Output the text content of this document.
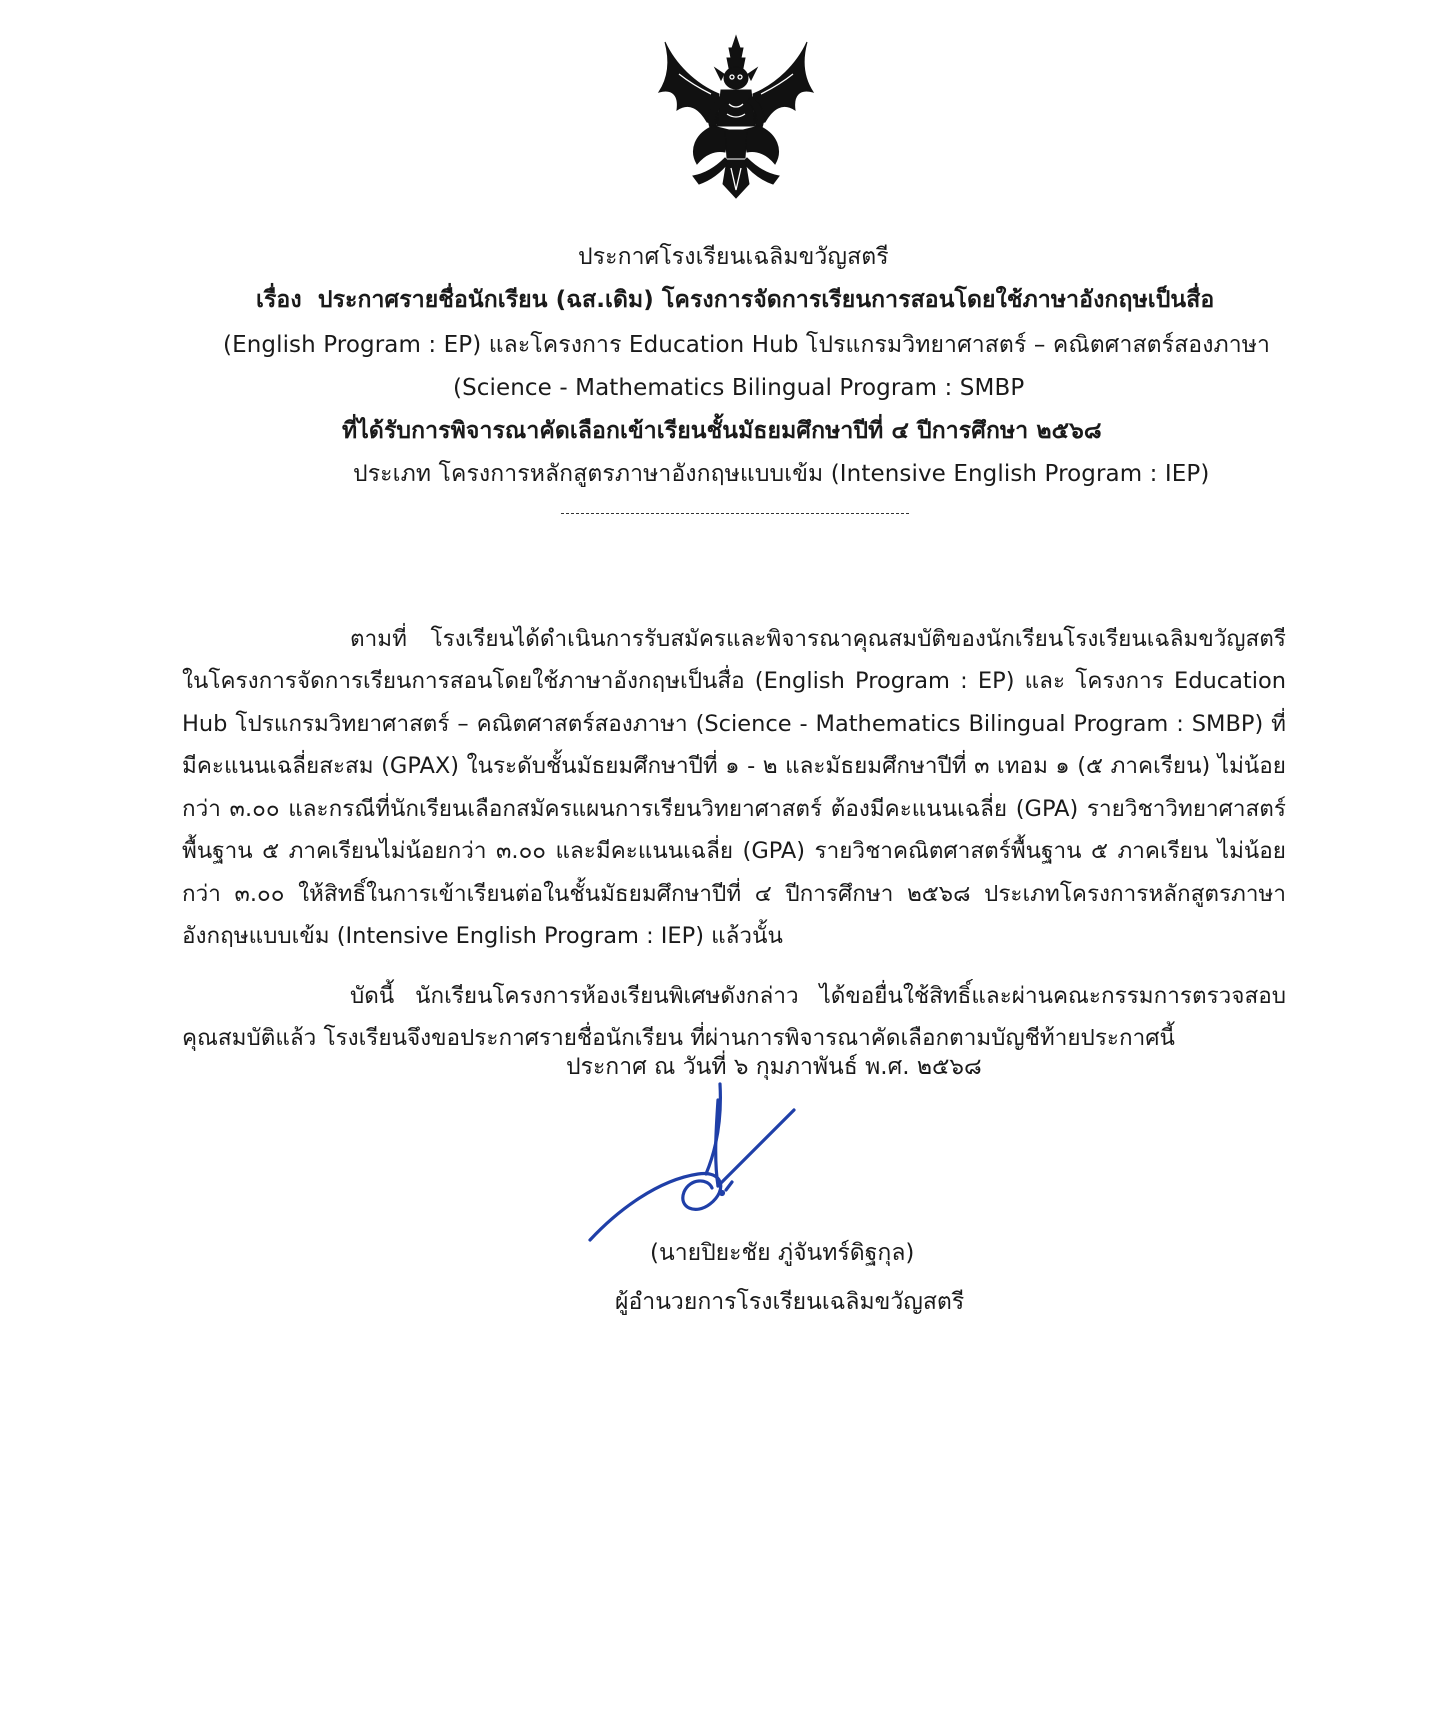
ประกาศโรงเรียนเฉลิมขวัญสตรี
เรื่อง ประกาศรายชื่อนักเรียน (ฉส.เดิม) โครงการจัดการเรียนการสอนโดยใช้ภาษาอังกฤษเป็นสื่อ
(English Program : EP) และโครงการ Education Hub โปรแกรมวิทยาศาสตร์ – คณิตศาสตร์สองภาษา
(Science - Mathematics Bilingual Program : SMBP
ที่ได้รับการพิจารณาคัดเลือกเข้าเรียนชั้นมัธยมศึกษาปีที่ ๔ ปีการศึกษา ๒๕๖๘
ประเภท โครงการหลักสูตรภาษาอังกฤษแบบเข้ม (Intensive English Program : IEP)

ตามที่ โรงเรียนได้ดำเนินการรับสมัครและพิจารณาคุณสมบัติของนักเรียนโรงเรียนเฉลิมขวัญสตรี ในโครงการจัดการเรียนการสอนโดยใช้ภาษาอังกฤษเป็นสื่อ (English Program : EP) และ โครงการ Education Hub โปรแกรมวิทยาศาสตร์ – คณิตศาสตร์สองภาษา (Science - Mathematics Bilingual Program : SMBP) ที่มีคะแนนเฉลี่ยสะสม (GPAX) ในระดับชั้นมัธยมศึกษาปีที่ ๑ - ๒ และมัธยมศึกษาปีที่ ๓ เทอม ๑ (๕ ภาคเรียน) ไม่น้อยกว่า ๓.๐๐ และกรณีที่นักเรียนเลือกสมัครแผนการเรียนวิทยาศาสตร์ ต้องมีคะแนนเฉลี่ย (GPA) รายวิชาวิทยาศาสตร์พื้นฐาน ๕ ภาคเรียนไม่น้อยกว่า ๓.๐๐ และมีคะแนนเฉลี่ย (GPA) รายวิชาคณิตศาสตร์พื้นฐาน ๕ ภาคเรียน ไม่น้อยกว่า ๓.๐๐ ให้สิทธิ์ในการเข้าเรียนต่อในชั้นมัธยมศึกษาปีที่ ๔ ปีการศึกษา ๒๕๖๘ ประเภทโครงการหลักสูตรภาษาอังกฤษแบบเข้ม (Intensive English Program : IEP) แล้วนั้น

บัดนี้ นักเรียนโครงการห้องเรียนพิเศษดังกล่าว ได้ขอยื่นใช้สิทธิ์และผ่านคณะกรรมการตรวจสอบคุณสมบัติแล้ว โรงเรียนจึงขอประกาศรายชื่อนักเรียน ที่ผ่านการพิจารณาคัดเลือกตามบัญชีท้ายประกาศนี้

ประกาศ ณ วันที่ ๖ กุมภาพันธ์ พ.ศ. ๒๕๖๘
(นายปิยะชัย ภู่จันทร์ดิฐกุล)
ผู้อำนวยการโรงเรียนเฉลิมขวัญสตรี
